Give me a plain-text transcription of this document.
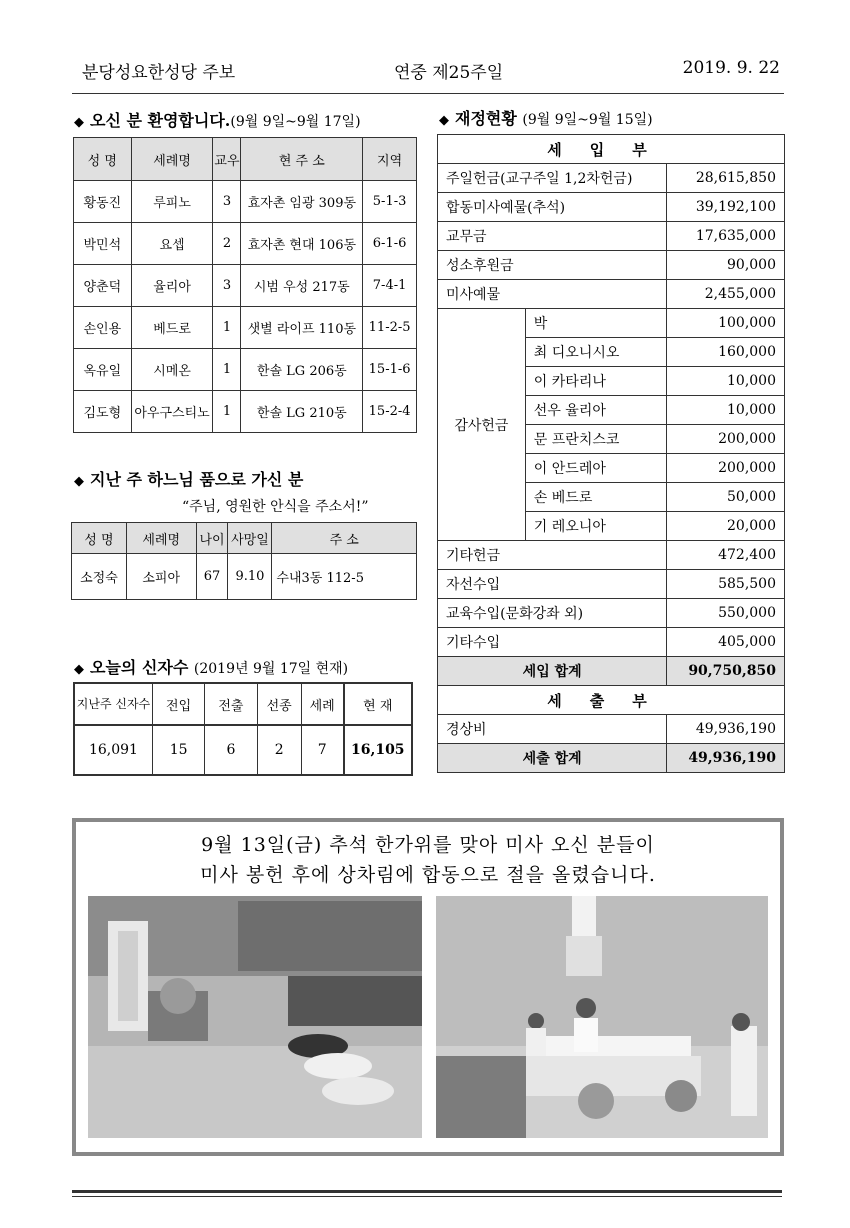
분당성요한성당 주보	연중 제25주일	2019. 9. 22
◆ 오신 분 환영합니다.(9월 9일~9월 17일)
성 명	세례명	교우	현 주 소	지역
황동진	루피노	3	효자촌 임광 309동	5-1-3
박민석	요셉	2	효자촌 현대 106동	6-1-6
양춘덕	율리아	3	시범 우성 217동	7-4-1
손인용	베드로	1	샛별 라이프 110동	11-2-5
옥유일	시메온	1	한솔 LG 206동	15-1-6
김도형	아우구스티노	1	한솔 LG 210동	15-2-4
◆ 지난 주 하느님 품으로 가신 분
“주님, 영원한 안식을 주소서!”
성 명	세례명	나이	사망일	주 소
소정숙	소피아	67	9.10	수내3동 112-5
◆ 오늘의 신자수 (2019년 9월 17일 현재)
지난주 신자수	전입	전출	선종	세례	현 재
16,091	15	6	2	7	16,105
◆ 재정현황 (9월 9일~9월 15일)
세입부		
주일헌금(교구주일 1,2차헌금)		28,615,850
합동미사예물(추석)		39,192,100
교무금		17,635,000
성소후원금		90,000
미사예물		2,455,000
감사헌금	박	100,000
	최 디오니시오	160,000
	이 카타리나	10,000
	선우 율리아	10,000
	문 프란치스코	200,000
	이 안드레아	200,000
	손 베드로	50,000
	기 레오니아	20,000
기타헌금		472,400
자선수입		585,500
교육수입(문화강좌 외)		550,000
기타수입		405,000
세입 합계		90,750,850
세출부		
경상비		49,936,190
세출 합계		49,936,190
9월 13일(금) 추석 한가위를 맞아 미사 오신 분들이
미사 봉헌 후에 상차림에 합동으로 절을 올렸습니다.
